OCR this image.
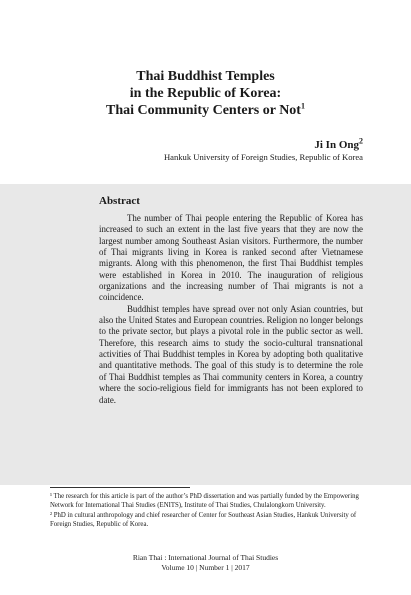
Thai Buddhist Temples
in the Republic of Korea:
Thai Community Centers or Not$^1$
Ji In Ong$^2$
Hankuk University of Foreign Studies, Republic of Korea
Abstract

The number of Thai people entering the Republic of Korea has increased to such an extent in the last five years that they are now the largest number among Southeast Asian visitors. Furthermore, the number of Thai migrants living in Korea is ranked second after Vietnamese migrants. Along with this phenomenon, the first Thai Buddhist temples were established in Korea in 2010. The inauguration of religious organizations and the increasing number of Thai migrants is not a coincidence.

Buddhist temples have spread over not only Asian countries, but also the United States and European countries. Religion no longer belongs to the private sector, but plays a pivotal role in the public sector as well. Therefore, this research aims to study the socio-cultural transnational activities of Thai Buddhist temples in Korea by adopting both qualitative and quantitative methods. The goal of this study is to determine the role of Thai Buddhist temples as Thai community centers in Korea, a country where the socio-religious field for immigrants has not been explored to date.

¹ The research for this article is part of the author’s PhD dissertation and was partially funded by the Empowering Network for International Thai Studies (ENITS), Institute of Thai Studies, Chulalongkorn University.

² PhD in cultural anthropology and chief researcher of Center for Southeast Asian Studies, Hankuk University of Foreign Studies, Republic of Korea.

Rian Thai : International Journal of Thai Studies
Volume 10 | Number 1 | 2017
